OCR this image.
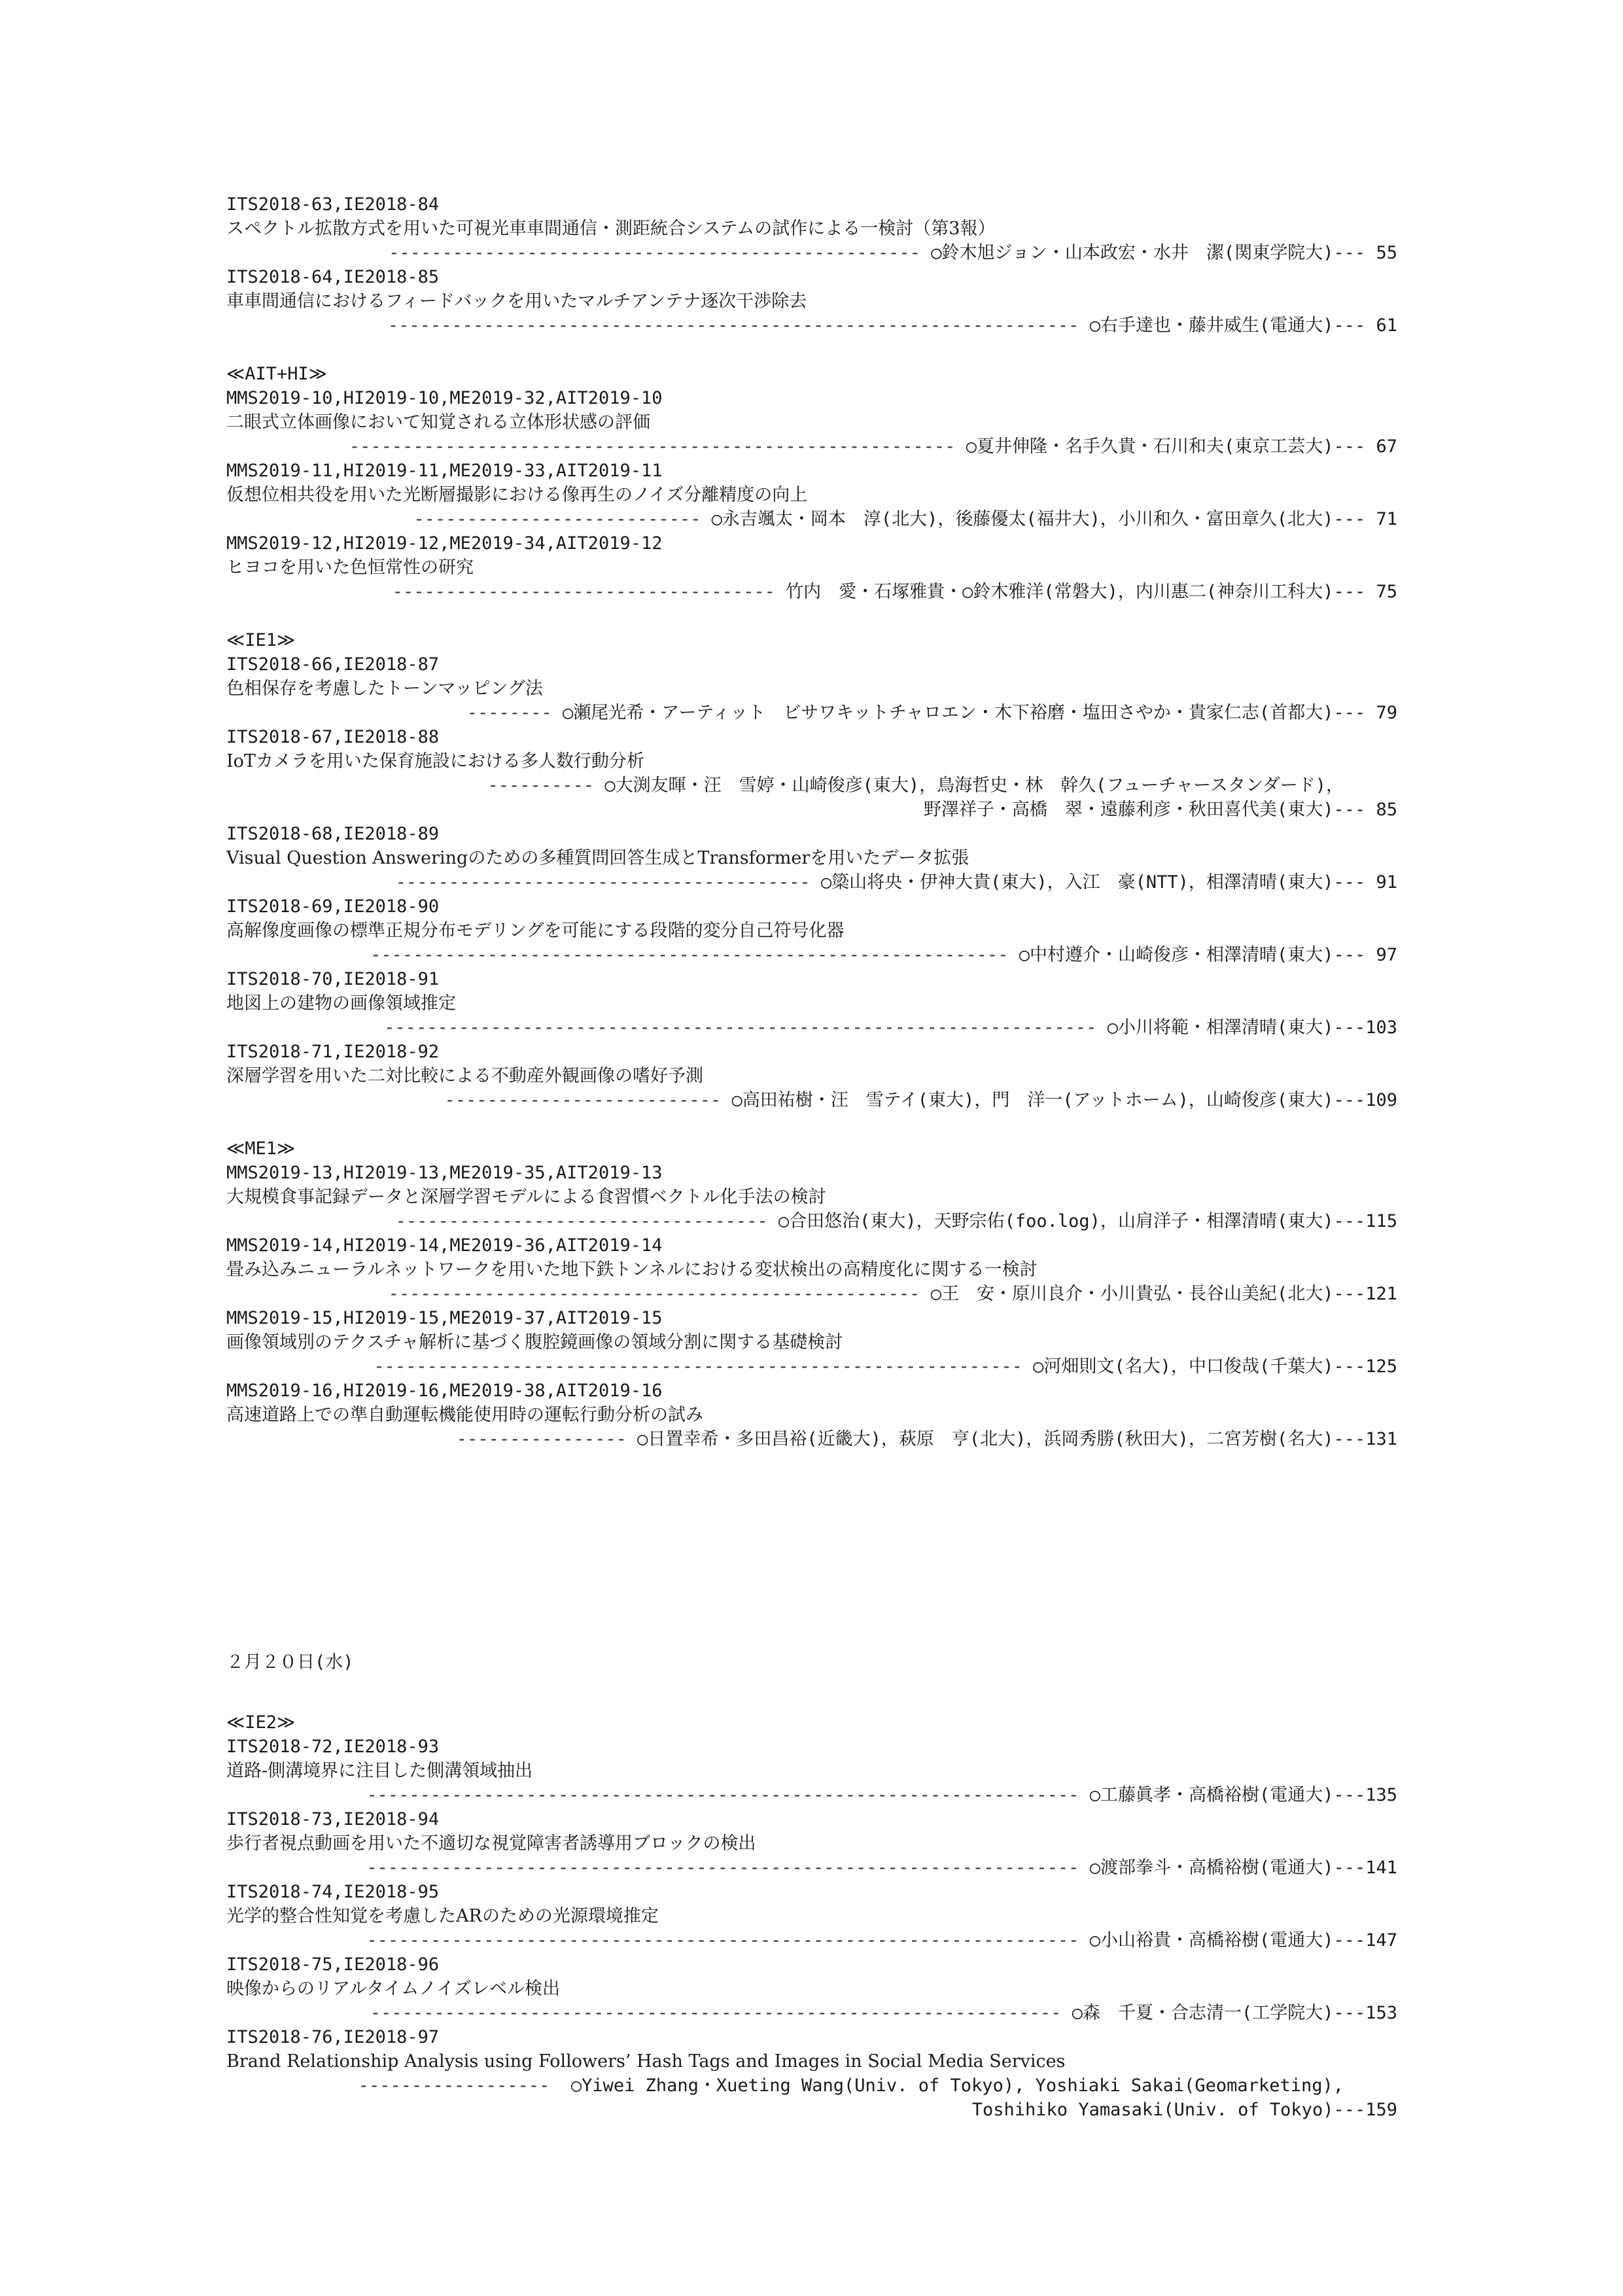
ITS2018-63,IE2018-84
スペクトル拡散方式を用いた可視光車車間通信・測距統合システムの試作による一検討（第3報）
--------------------------------------------------
○鈴木旭ジョン・山本政宏・水井　潔(関東学院大) --- 55
ITS2018-64,IE2018-85
車車間通信におけるフィードバックを用いたマルチアンテナ逐次干渉除去
-----------------------------------------------------------------
○右手達也・藤井威生(電通大) --- 61
≪AIT+HI≫
MMS2019-10,HI2019-10,ME2019-32,AIT2019-10
二眼式立体画像において知覚される立体形状感の評価
---------------------------------------------------------
○夏井伸隆・名手久貴・石川和夫(東京工芸大) --- 67
MMS2019-11,HI2019-11,ME2019-33,AIT2019-11
仮想位相共役を用いた光断層撮影における像再生のノイズ分離精度の向上
---------------------------
○永吉颯太・岡本　淳(北大)，後藤優太(福井大)，小川和久・富田章久(北大) --- 71
MMS2019-12,HI2019-12,ME2019-34,AIT2019-12
ヒヨコを用いた色恒常性の研究
------------------------------------
竹内　愛・石塚雅貴・○鈴木雅洋(常磐大)，内川惠二(神奈川工科大) --- 75
≪IE1≫
ITS2018-66,IE2018-87
色相保存を考慮したトーンマッピング法
--------
○瀬尾光希・アーティット　ビサワキットチャロエン・木下裕磨・塩田さやか・貴家仁志(首都大) --- 79
ITS2018-67,IE2018-88
IoTカメラを用いた保育施設における多人数行動分析
----------
○大渕友暉・汪　雪婷・山崎俊彦(東大)，鳥海哲史・林　幹久(フューチャースタンダード)，
野澤祥子・高橋　翠・遠藤利彦・秋田喜代美(東大) --- 85
ITS2018-68,IE2018-89
Visual Question Answeringのための多種質問回答生成とTransformerを用いたデータ拡張
---------------------------------------
○簗山将央・伊神大貴(東大)，入江　豪(NTT)，相澤清晴(東大) --- 91
ITS2018-69,IE2018-90
高解像度画像の標準正規分布モデリングを可能にする段階的変分自己符号化器
------------------------------------------------------------
○中村遵介・山崎俊彦・相澤清晴(東大) --- 97
ITS2018-70,IE2018-91
地図上の建物の画像領域推定
-------------------------------------------------------------------
○小川将範・相澤清晴(東大) ---103
ITS2018-71,IE2018-92
深層学習を用いた二対比較による不動産外観画像の嗜好予測
--------------------------
○高田祐樹・汪　雪テイ(東大)，門　洋一(アットホーム)，山崎俊彦(東大) ---109
≪ME1≫
MMS2019-13,HI2019-13,ME2019-35,AIT2019-13
大規模食事記録データと深層学習モデルによる食習慣ベクトル化手法の検討
-----------------------------------
○合田悠治(東大)，天野宗佑(foo.log)，山肩洋子・相澤清晴(東大) ---115
MMS2019-14,HI2019-14,ME2019-36,AIT2019-14
畳み込みニューラルネットワークを用いた地下鉄トンネルにおける変状検出の高精度化に関する一検討
--------------------------------------------------
○王　安・原川良介・小川貴弘・長谷山美紀(北大) ---121
MMS2019-15,HI2019-15,ME2019-37,AIT2019-15
画像領域別のテクスチャ解析に基づく腹腔鏡画像の領域分割に関する基礎検討
-------------------------------------------------------------
○河畑則文(名大)，中口俊哉(千葉大) ---125
MMS2019-16,HI2019-16,ME2019-38,AIT2019-16
高速道路上での準自動運転機能使用時の運転行動分析の試み
----------------
○日置幸希・多田昌裕(近畿大)，萩原　亨(北大)，浜岡秀勝(秋田大)，二宮芳樹(名大) ---131
２月２０日(水)
≪IE2≫
ITS2018-72,IE2018-93
道路-側溝境界に注目した側溝領域抽出
-------------------------------------------------------------------
○工藤眞孝・高橋裕樹(電通大) ---135
ITS2018-73,IE2018-94
歩行者視点動画を用いた不適切な視覚障害者誘導用ブロックの検出
-------------------------------------------------------------------
○渡部拳斗・高橋裕樹(電通大) ---141
ITS2018-74,IE2018-95
光学的整合性知覚を考慮したARのための光源環境推定
-------------------------------------------------------------------
○小山裕貴・高橋裕樹(電通大) ---147
ITS2018-75,IE2018-96
映像からのリアルタイムノイズレベル検出
-----------------------------------------------------------------
○森　千夏・合志清一(工学院大) ---153
ITS2018-76,IE2018-97
Brand Relationship Analysis using Followers’ Hash Tags and Images in Social Media Services
------------------
○Yiwei Zhang・Xueting Wang(Univ. of Tokyo), Yoshiaki Sakai(Geomarketing),
Toshihiko Yamasaki(Univ. of Tokyo) ---159
